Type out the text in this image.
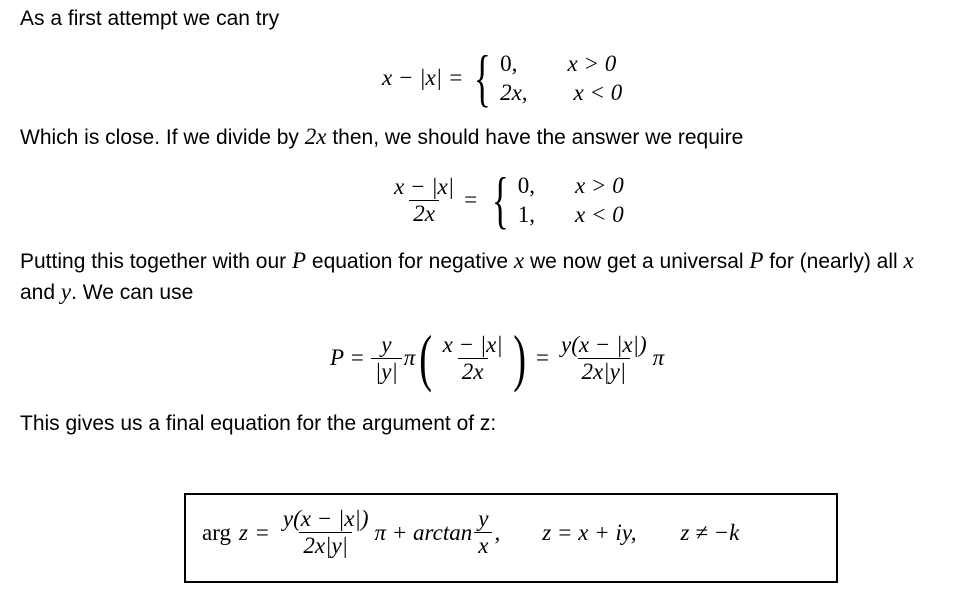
As a first attempt we can try
x − |x| = { 0,	x > 0
2x, x < 0
Which is close. If we divide by 2x then, we should have the answer we require
$\frac{x - |x|}{2x}$ = { 0, x > 0
1, x < 0
Putting this together with our P equation for negative x we now get a universal P for (nearly) all x
and y. We can use
$P = \frac{y}{|y|}$ π ( $\frac{x - |x|}{2x}$ ) = $\frac{y(x - |x|)}{2x|y|}$ π
This gives us a final equation for the argument of z:
arg $z = \frac{y(x - |x|)}{2x|y|}$ $\pi + \arctan \frac{y}{x}$ , z = x + iy, z ≠ −k
